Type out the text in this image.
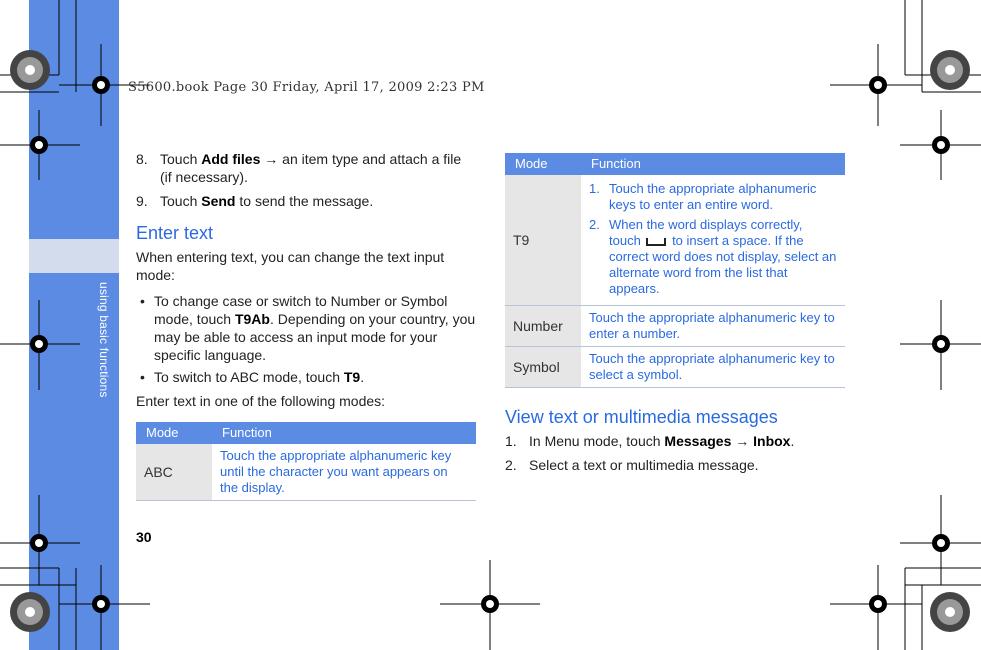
using basic functions
S5600.book Page 30 Friday, April 17, 2009 2:23 PM
8. Touch Add files → an item type and attach a file (if necessary).
9. Touch Send to send the message.
Enter text
When entering text, you can change the text input mode:
• To change case or switch to Number or Symbol mode, touch T9Ab. Depending on your country, you may be able to access an input mode for your specific language.
• To switch to ABC mode, touch T9.
Enter text in one of the following modes:
Mode	Function
ABC	Touch the appropriate alphanumeric key until the character you want appears on the display.
Mode	Function
T9	1. Touch the appropriate alphanumeric keys to enter an entire word.
2. When the word displays correctly, touch to insert a space. If the correct word does not display, select an alternate word from the list that appears.

Number	Touch the appropriate alphanumeric key to enter a number.
Symbol	Touch the appropriate alphanumeric key to select a symbol.
View text or multimedia messages
1. In Menu mode, touch Messages → Inbox.
2. Select a text or multimedia message.
30
